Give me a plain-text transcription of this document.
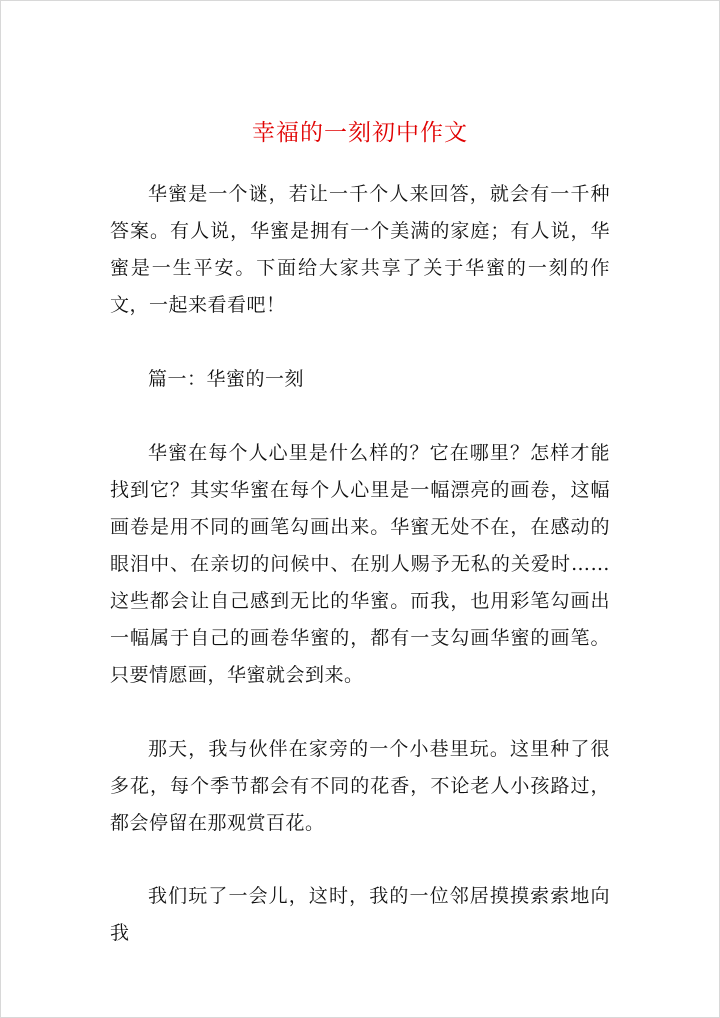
幸福的一刻初中作文

华蜜是一个谜，若让一千个人来回答，就会有一千种答案。有人说，华蜜是拥有一个美满的家庭；有人说，华蜜是一生平安。下面给大家共享了关于华蜜的一刻的作文，一起来看看吧！

篇一：华蜜的一刻

华蜜在每个人心里是什么样的？它在哪里？怎样才能找到它？其实华蜜在每个人心里是一幅漂亮的画卷，这幅画卷是用不同的画笔勾画出来。华蜜无处不在，在感动的眼泪中、在亲切的问候中、在别人赐予无私的关爱时……这些都会让自己感到无比的华蜜。而我，也用彩笔勾画出一幅属于自己的画卷华蜜的，都有一支勾画华蜜的画笔。只要情愿画，华蜜就会到来。

那天，我与伙伴在家旁的一个小巷里玩。这里种了很多花，每个季节都会有不同的花香，不论老人小孩路过，都会停留在那观赏百花。

我们玩了一会儿，这时，我的一位邻居摸摸索索地向我
